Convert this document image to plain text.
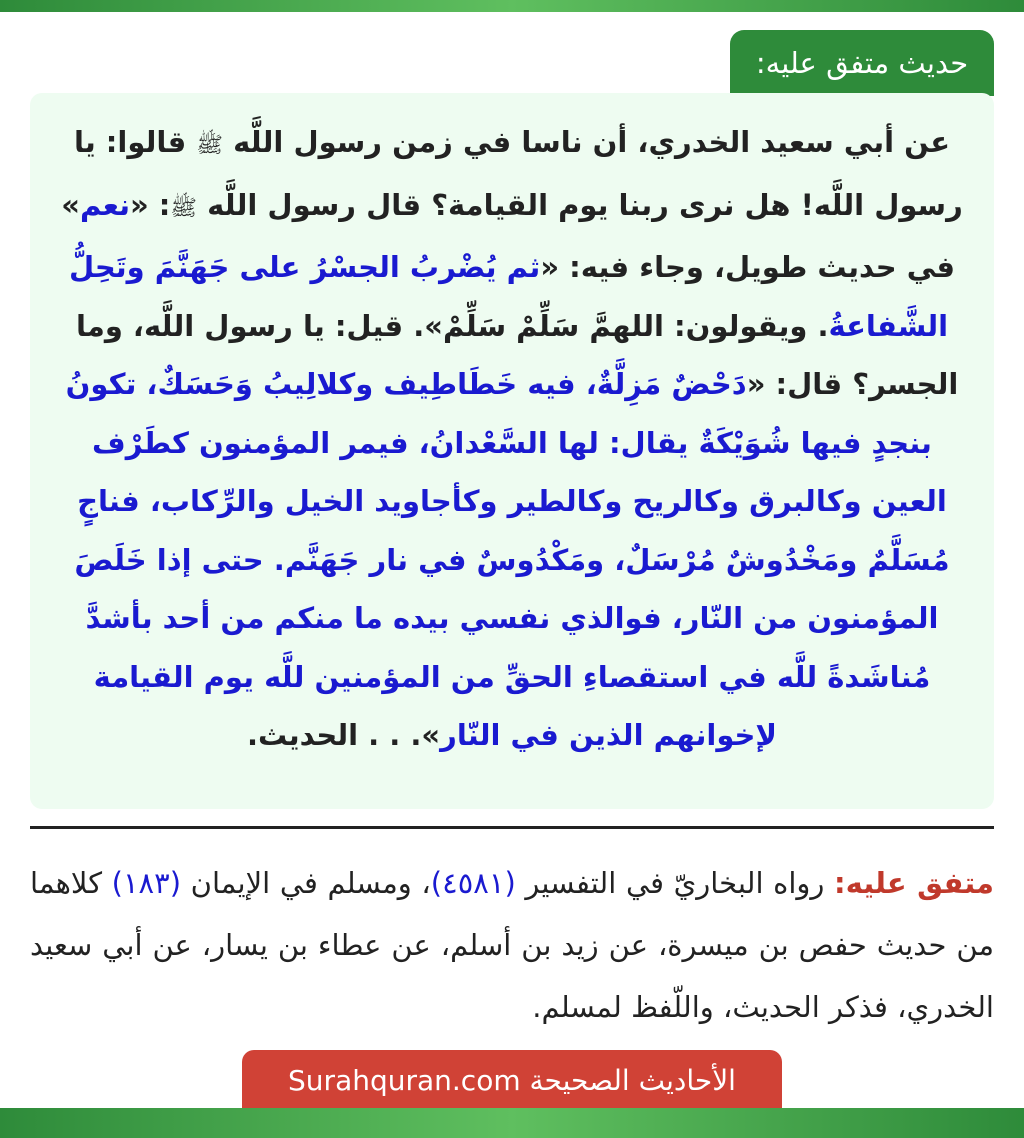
حديث متفق عليه:

عن أبي سعيد الخدري، أن ناسا في زمن رسول اللَّه ﷺ قالوا: يا رسول اللَّه! هل نرى ربنا يوم القيامة؟ قال رسول اللَّه ﷺ: «نعم» في حديث طويل، وجاء فيه: «ثم يُضْربُ الجسْرُ على جَهَنَّمَ وتَحِلُّ الشَّفاعةُ. ويقولون: اللهمَّ سَلِّمْ سَلِّمْ». قيل: يا رسول اللَّه، وما الجسر؟ قال: «دَحْضٌ مَزِلَّةٌ، فيه خَطَاطِيف وكلالِيبُ وَحَسَكٌ، تكونُ بنجدٍ فيها شُوَيْكَةٌ يقال: لها السَّعْدانُ، فيمر المؤمنون كطَرْف العين وكالبرق وكالريح وكالطير وكأجاويد الخيل والرِّكاب، فناجٍ مُسَلَّمٌ ومَخْدُوشٌ مُرْسَلٌ، ومَكْدُوسٌ في نار جَهَنَّم. حتى إذا خَلَصَ المؤمنون من النّار، فوالذي نفسي بيده ما منكم من أحد بأشدَّ مُناشَدةً للَّه في استقصاءِ الحقِّ من المؤمنين للَّه يوم القيامة لإخوانهم الذين في النّار». . . الحديث.

متفق عليه: رواه البخاريّ في التفسير (٤٥٨١)، ومسلم في الإيمان (١٨٣) كلاهما من حديث حفص بن ميسرة، عن زيد بن أسلم، عن عطاء بن يسار، عن أبي سعيد الخدري، فذكر الحديث، واللّفظ لمسلم.

الأحاديث الصحيحة Surahquran.com
